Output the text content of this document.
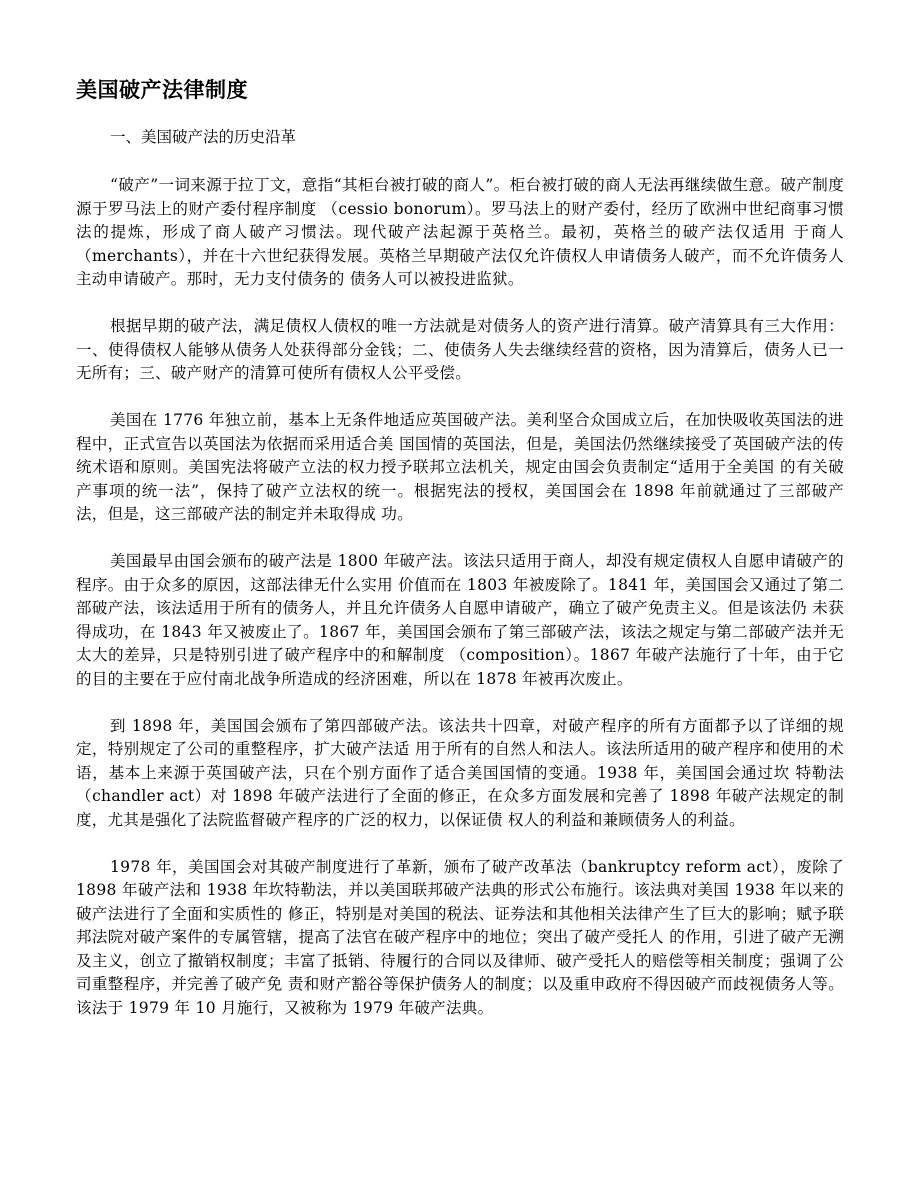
美国破产法律制度

一、美国破产法的历史沿革

“破产”一词来源于拉丁文，意指“其柜台被打破的商人”。柜台被打破的商人无法再继续做生意。破产制度源于罗马法上的财产委付程序制度 （cessio bonorum）。罗马法上的财产委付，经历了欧洲中世纪商事习惯法的提炼，形成了商人破产习惯法。现代破产法起源于英格兰。最初，英格兰的破产法仅适用 于商人（merchants），并在十六世纪获得发展。英格兰早期破产法仅允许债权人申请债务人破产，而不允许债务人主动申请破产。那时，无力支付债务的 债务人可以被投进监狱。

根据早期的破产法，满足债权人债权的唯一方法就是对债务人的资产进行清算。破产清算具有三大作用：一、使得债权人能够从债务人处获得部分金钱；二、使债务人失去继续经营的资格，因为清算后，债务人已一无所有；三、破产财产的清算可使所有债权人公平受偿。

美国在 1776 年独立前，基本上无条件地适应英国破产法。美利坚合众国成立后，在加快吸收英国法的进程中，正式宣告以英国法为依据而采用适合美 国国情的英国法，但是，美国法仍然继续接受了英国破产法的传统术语和原则。美国宪法将破产立法的权力授予联邦立法机关，规定由国会负责制定“适用于全美国 的有关破产事项的统一法”，保持了破产立法权的统一。根据宪法的授权，美国国会在 1898 年前就通过了三部破产法，但是，这三部破产法的制定并未取得成 功。

美国最早由国会颁布的破产法是 1800 年破产法。该法只适用于商人，却没有规定债权人自愿申请破产的程序。由于众多的原因，这部法律无什么实用 价值而在 1803 年被废除了。1841 年，美国国会又通过了第二部破产法，该法适用于所有的债务人，并且允许债务人自愿申请破产，确立了破产免责主义。但是该法仍 未获得成功，在 1843 年又被废止了。1867 年，美国国会颁布了第三部破产法，该法之规定与第二部破产法并无太大的差异，只是特别引进了破产程序中的和解制度 （composition）。1867 年破产法施行了十年，由于它的目的主要在于应付南北战争所造成的经济困难，所以在 1878 年被再次废止。

到 1898 年，美国国会颁布了第四部破产法。该法共十四章，对破产程序的所有方面都予以了详细的规定，特别规定了公司的重整程序，扩大破产法适 用于所有的自然人和法人。该法所适用的破产程序和使用的术语，基本上来源于英国破产法，只在个别方面作了适合美国国情的变通。1938 年，美国国会通过坎 特勒法（chandler act）对 1898 年破产法进行了全面的修正，在众多方面发展和完善了 1898 年破产法规定的制度，尤其是强化了法院监督破产程序的广泛的权力，以保证债 权人的利益和兼顾债务人的利益。

1978 年，美国国会对其破产制度进行了革新，颁布了破产改革法（bankruptcy reform act），废除了 1898 年破产法和 1938 年坎特勒法，并以美国联邦破产法典的形式公布施行。该法典对美国 1938 年以来的破产法进行了全面和实质性的 修正，特别是对美国的税法、证券法和其他相关法律产生了巨大的影响；赋予联邦法院对破产案件的专属管辖，提高了法官在破产程序中的地位；突出了破产受托人 的作用，引进了破产无溯及主义，创立了撤销权制度；丰富了抵销、待履行的合同以及律师、破产受托人的赔偿等相关制度；强调了公司重整程序，并完善了破产免 责和财产豁谷等保护债务人的制度；以及重申政府不得因破产而歧视债务人等。该法于 1979 年 10 月施行，又被称为 1979 年破产法典。
